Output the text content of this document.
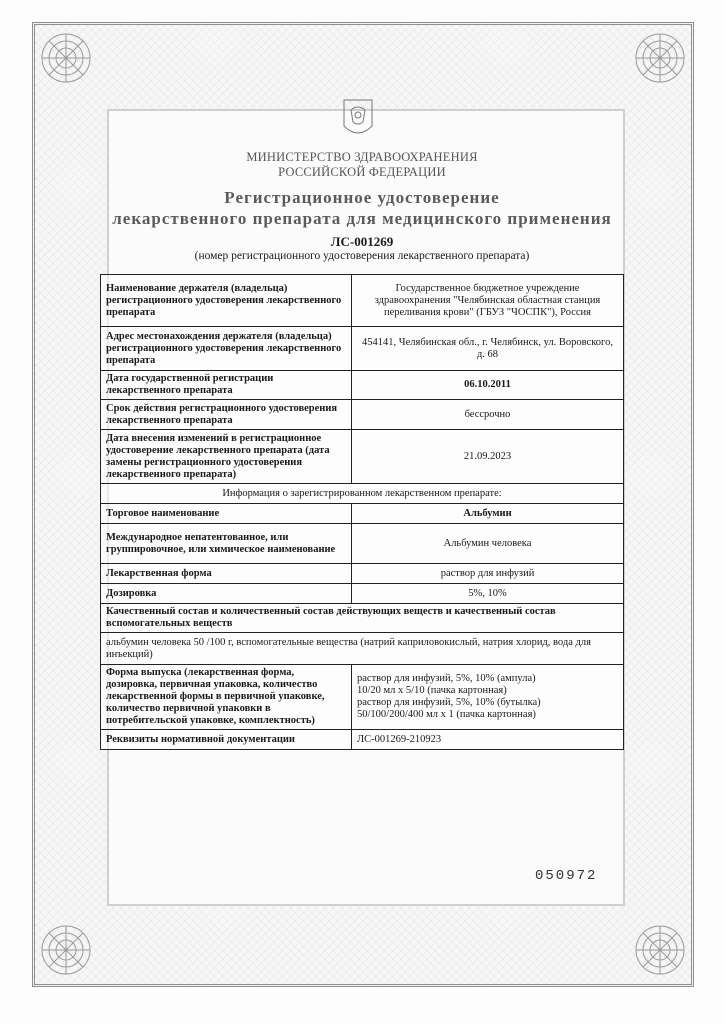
МИНИСТЕРСТВО ЗДРАВООХРАНЕНИЯ
РОССИЙСКОЙ ФЕДЕРАЦИИ
Регистрационное удостоверение
лекарственного препарата для медицинского применения
ЛС-001269
(номер регистрационного удостоверения лекарственного препарата)
Наименование держателя (владельца) регистрационного удостоверения лекарственного препарата	Государственное бюджетное учреждение здравоохранения "Челябинская областная станция переливания крови" (ГБУЗ "ЧОСПК"), Россия
Адрес местонахождения держателя (владельца) регистрационного удостоверения лекарственного препарата	454141, Челябинская обл., г. Челябинск, ул. Воровского, д. 68
Дата государственной регистрации лекарственного препарата	06.10.2011
Срок действия регистрационного удостоверения лекарственного препарата	бессрочно
Дата внесения изменений в регистрационное удостоверение лекарственного препарата (дата замены регистрационного удостоверения лекарственного препарата)	21.09.2023
Информация о зарегистрированном лекарственном препарате:	
Торговое наименование	Альбумин
Международное непатентованное, или группировочное, или химическое наименование	Альбумин человека
Лекарственная форма	раствор для инфузий
Дозировка	5%, 10%
Качественный состав и количественный состав действующих веществ и качественный состав вспомогательных веществ	
альбумин человека 50 /100 г, вспомогательные вещества (натрий каприловокислый, натрия хлорид, вода для инъекций)	
Форма выпуска (лекарственная форма, дозировка, первичная упаковка, количество лекарственной формы в первичной упаковке, количество первичной упаковки в потребительской упаковке, комплектность)	раствор для инфузий, 5%, 10% (ампула)
10/20 мл x 5/10 (пачка картонная)
раствор для инфузий, 5%, 10% (бутылка)
50/100/200/400 мл x 1 (пачка картонная)

Реквизиты нормативной документации	ЛС-001269-210923
050972
